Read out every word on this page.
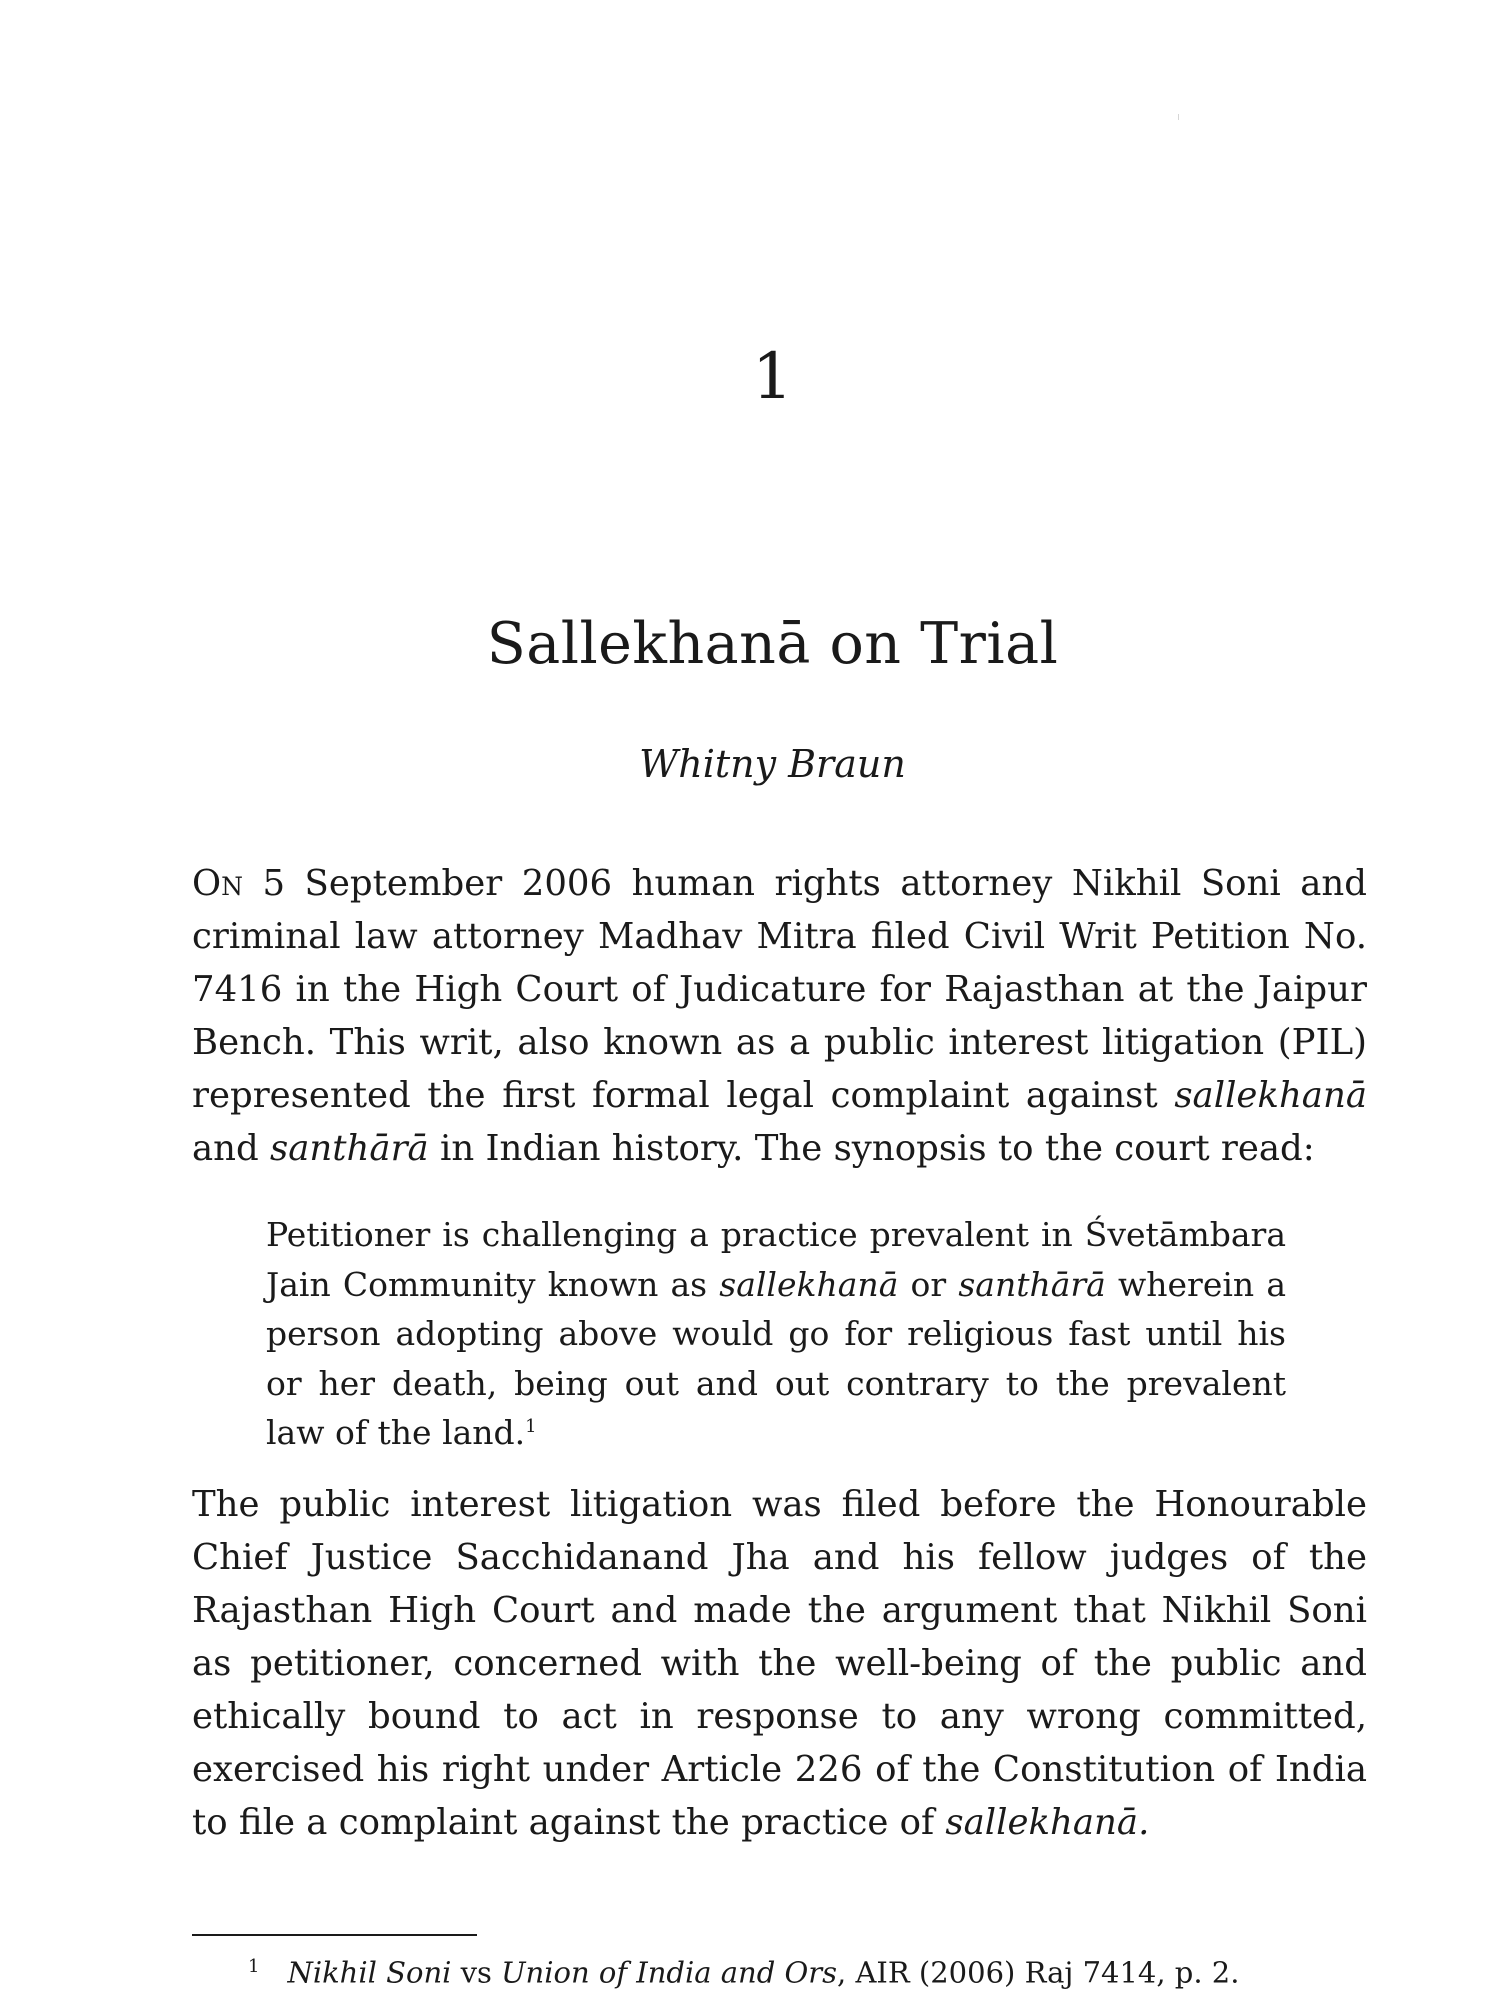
1
Sallekhanā on Trial
Whitny Braun

On 5 September 2006 human rights attorney Nikhil Soni and criminal law attorney Madhav Mitra filed Civil Writ Petition No. 7416 in the High Court of Judicature for Rajasthan at the Jaipur Bench. This writ, also known as a public interest litigation (PIL) represented the first formal legal complaint against sallekhanā and santhārā in Indian history. The synopsis to the court read:

Petitioner is challenging a practice prevalent in Śvetāmbara Jain Community known as sallekhanā or santhārā wherein a person adopting above would go for religious fast until his or her death, being out and out contrary to the prevalent law of the land.$^1$

The public interest litigation was filed before the Honourable Chief Justice Sacchidanand Jha and his fellow judges of the Rajasthan High Court and made the argument that Nikhil Soni as petitioner, concerned with the well-being of the public and ethically bound to act in response to any wrong committed, exercised his right under Article 226 of the Constitution of India to file a complaint against the practice of sallekhanā.

$^1$ Nikhil Soni vs Union of India and Ors, AIR (2006) Raj 7414, p. 2.
